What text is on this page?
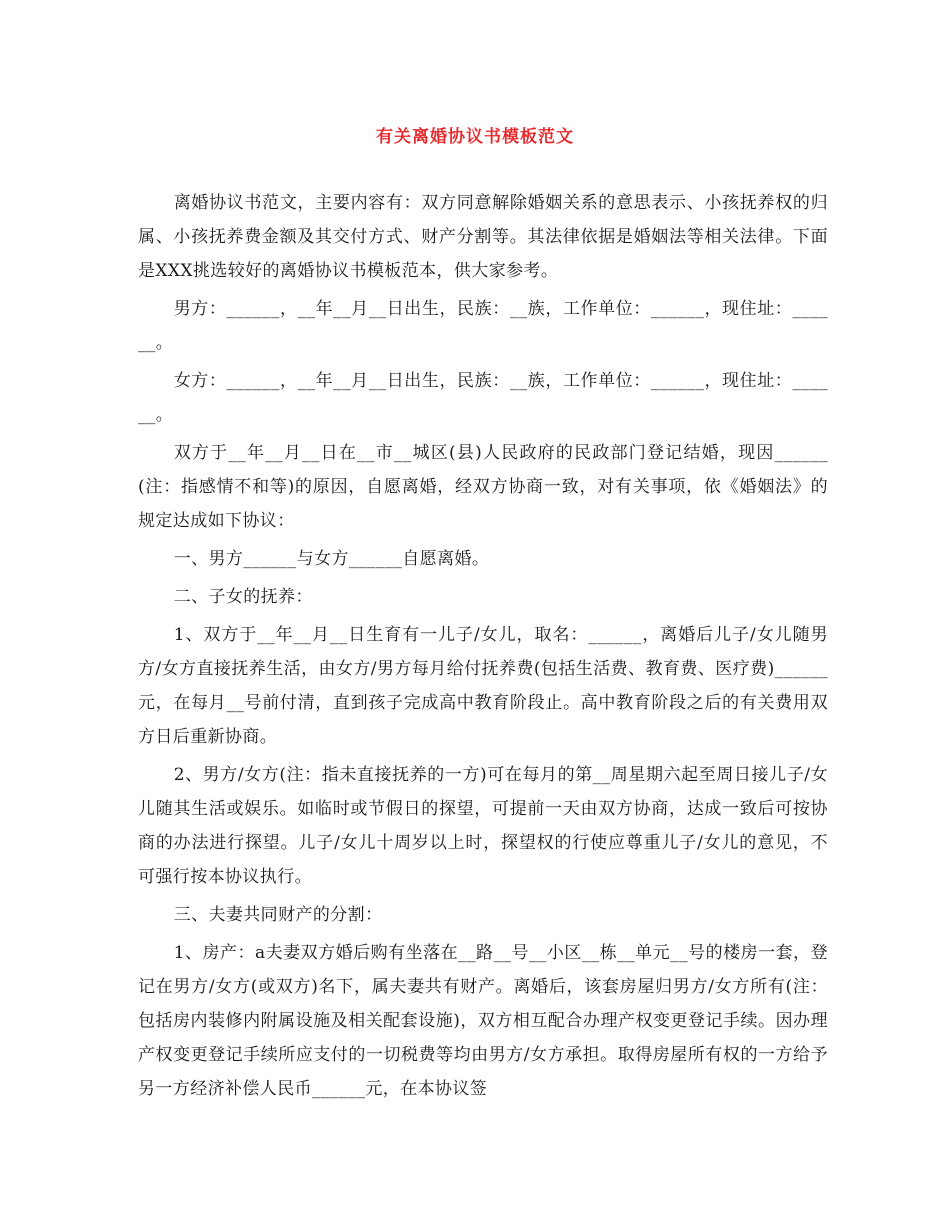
有关离婚协议书模板范文

离婚协议书范文，主要内容有：双方同意解除婚姻关系的意思表示、小孩抚养权的归属、小孩抚养费金额及其交付方式、财产分割等。其法律依据是婚姻法等相关法律。下面是XXX挑选较好的离婚协议书模板范本，供大家参考。

男方：______，__年__月__日出生，民族：__族，工作单位：______，现住址：______。

女方：______，__年__月__日出生，民族：__族，工作单位：______，现住址：______。

双方于__年__月__日在__市__城区(县)人民政府的民政部门登记结婚，现因______(注：指感情不和等)的原因，自愿离婚，经双方协商一致，对有关事项，依《婚姻法》的规定达成如下协议：

一、男方______与女方______自愿离婚。

二、子女的抚养：

1、双方于__年__月__日生育有一儿子/女儿，取名：______，离婚后儿子/女儿随男方/女方直接抚养生活，由女方/男方每月给付抚养费(包括生活费、教育费、医疗费)______元，在每月__号前付清，直到孩子完成高中教育阶段止。高中教育阶段之后的有关费用双方日后重新协商。

2、男方/女方(注：指未直接抚养的一方)可在每月的第__周星期六起至周日接儿子/女儿随其生活或娱乐。如临时或节假日的探望，可提前一天由双方协商，达成一致后可按协商的办法进行探望。儿子/女儿十周岁以上时，探望权的行使应尊重儿子/女儿的意见，不可强行按本协议执行。

三、夫妻共同财产的分割：

1、房产：a夫妻双方婚后购有坐落在__路__号__小区__栋__单元__号的楼房一套，登记在男方/女方(或双方)名下，属夫妻共有财产。离婚后，该套房屋归男方/女方所有(注：包括房内装修内附属设施及相关配套设施)，双方相互配合办理产权变更登记手续。因办理产权变更登记手续所应支付的一切税费等均由男方/女方承担。取得房屋所有权的一方给予另一方经济补偿人民币______元，在本协议签
